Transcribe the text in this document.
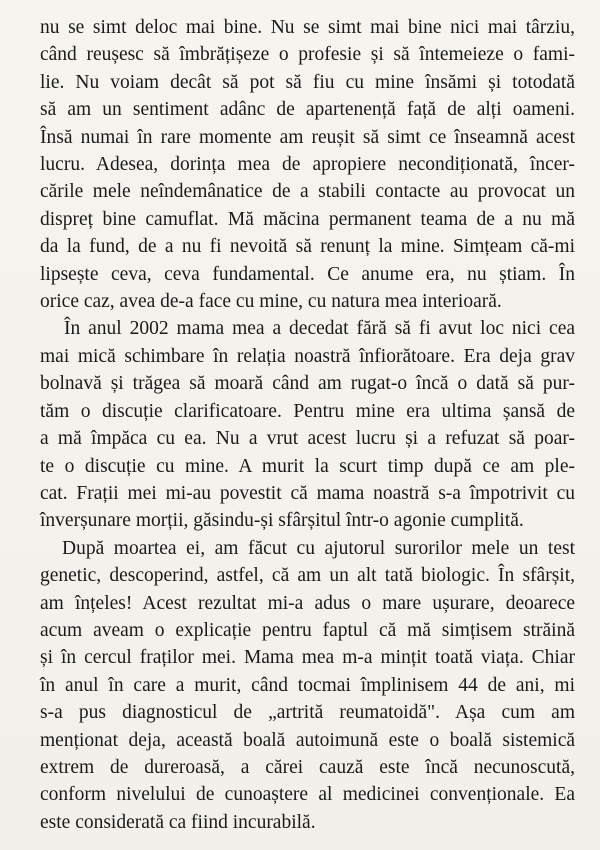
nu se simt deloc mai bine. Nu se simt mai bine nici mai târziu,
când reușesc să îmbrățișeze o profesie și să întemeieze o fami-
lie. Nu voiam decât să pot să fiu cu mine însămi și totodată
să am un sentiment adânc de apartenență față de alți oameni.
Însă numai în rare momente am reușit să simt ce înseamnă acest
lucru. Adesea, dorința mea de apropiere necondiționată, încer-
cările mele neîndemânatice de a stabili contacte au provocat un
dispreț bine camuflat. Mă măcina permanent teama de a nu mă
da la fund, de a nu fi nevoită să renunț la mine. Simțeam că-mi
lipsește ceva, ceva fundamental. Ce anume era, nu știam. În
orice caz, avea de-a face cu mine, cu natura mea interioară.
În anul 2002 mama mea a decedat fără să fi avut loc nici cea
mai mică schimbare în relația noastră înfiorătoare. Era deja grav
bolnavă și trăgea să moară când am rugat-o încă o dată să pur-
tăm o discuție clarificatoare. Pentru mine era ultima șansă de
a mă împăca cu ea. Nu a vrut acest lucru și a refuzat să poar-
te o discuție cu mine. A murit la scurt timp după ce am ple-
cat. Frații mei mi-au povestit că mama noastră s-a împotrivit cu
înverșunare morții, găsindu-și sfârșitul într-o agonie cumplită.
După moartea ei, am făcut cu ajutorul surorilor mele un test
genetic, descoperind, astfel, că am un alt tată biologic. În sfârșit,
am înțeles! Acest rezultat mi-a adus o mare ușurare, deoarece
acum aveam o explicație pentru faptul că mă simțisem străină
și în cercul fraților mei. Mama mea m-a mințit toată viața. Chiar
în anul în care a murit, când tocmai împlinisem 44 de ani, mi
s-a pus diagnosticul de „artrită reumatoidă". Așa cum am
menționat deja, această boală autoimună este o boală sistemică
extrem de dureroasă, a cărei cauză este încă necunoscută,
conform nivelului de cunoaștere al medicinei convenționale. Ea
este considerată ca fiind incurabilă.
